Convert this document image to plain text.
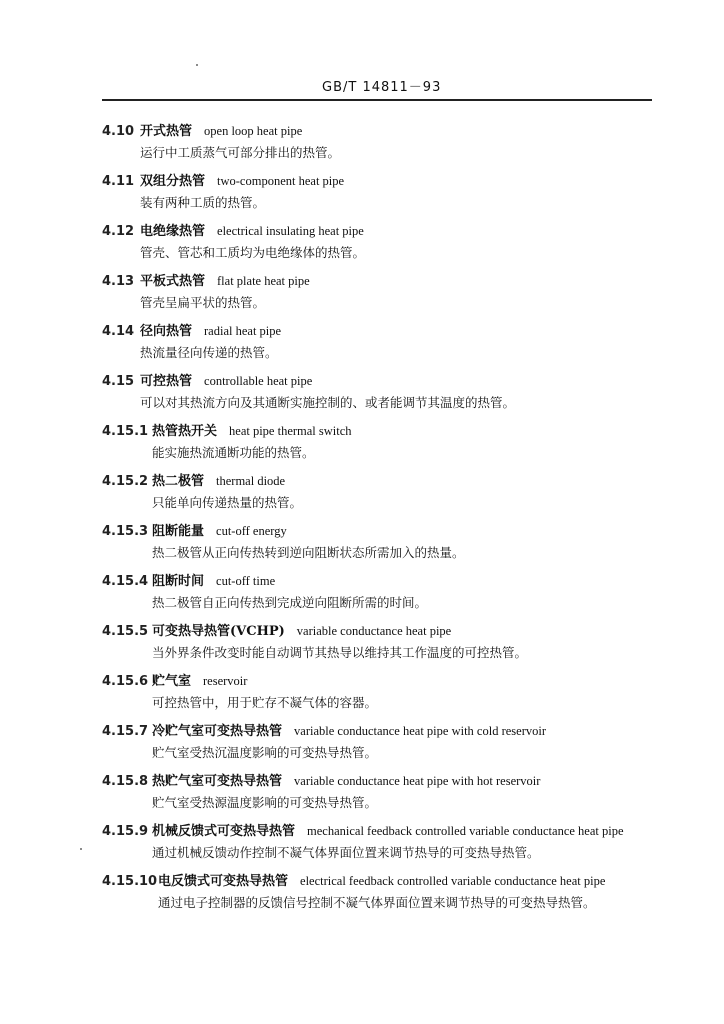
GB/T 14811－93
4.10 开式热管 open loop heat pipe
运行中工质蒸气可部分排出的热管。
4.11 双组分热管 two-component heat pipe
装有两种工质的热管。
4.12 电绝缘热管 electrical insulating heat pipe
管壳、管芯和工质均为电绝缘体的热管。
4.13 平板式热管 flat plate heat pipe
管壳呈扁平状的热管。
4.14 径向热管 radial heat pipe
热流量径向传递的热管。
4.15 可控热管 controllable heat pipe
可以对其热流方向及其通断实施控制的、或者能调节其温度的热管。
4.15.1 热管热开关 heat pipe thermal switch
能实施热流通断功能的热管。
4.15.2 热二极管 thermal diode
只能单向传递热量的热管。
4.15.3 阻断能量 cut-off energy
热二极管从正向传热转到逆向阻断状态所需加入的热量。
4.15.4 阻断时间 cut-off time
热二极管自正向传热到完成逆向阻断所需的时间。
4.15.5 可变热导热管(VCHP) variable conductance heat pipe
当外界条件改变时能自动调节其热导以维持其工作温度的可控热管。
4.15.6 贮气室 reservoir
可控热管中，用于贮存不凝气体的容器。
4.15.7 冷贮气室可变热导热管 variable conductance heat pipe with cold reservoir
贮气室受热沉温度影响的可变热导热管。
4.15.8 热贮气室可变热导热管 variable conductance heat pipe with hot reservoir
贮气室受热源温度影响的可变热导热管。
4.15.9 机械反馈式可变热导热管 mechanical feedback controlled variable conductance heat pipe
通过机械反馈动作控制不凝气体界面位置来调节热导的可变热导热管。
4.15.10 电反馈式可变热导热管 electrical feedback controlled variable conductance heat pipe
通过电子控制器的反馈信号控制不凝气体界面位置来调节热导的可变热导热管。
